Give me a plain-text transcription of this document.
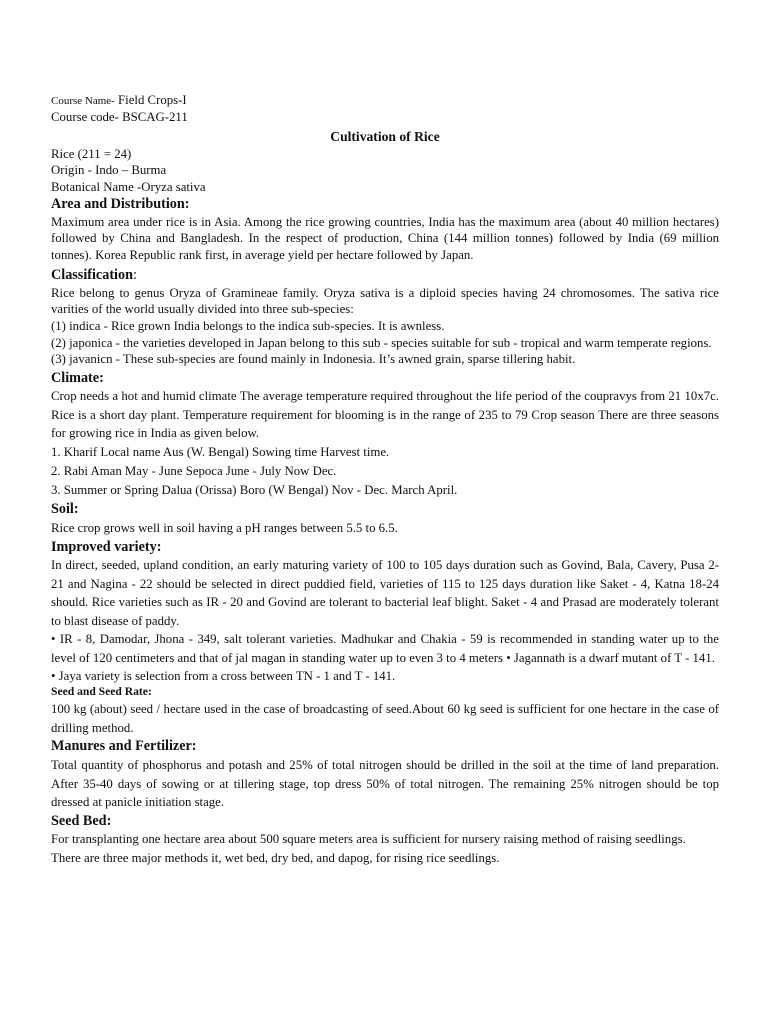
Course Name- Field Crops-I
Course code- BSCAG-211
Cultivation of Rice
Rice (211 = 24)
Origin - Indo – Burma
Botanical Name -Oryza sativa
Area and Distribution:

Maximum area under rice is in Asia. Among the rice growing countries, India has the maximum area (about 40 million hectares) followed by China and Bangladesh. In the respect of production, China (144 million tonnes) followed by India (69 million tonnes). Korea Republic rank first, in average yield per hectare followed by Japan.

Classification:

Rice belong to genus Oryza of Gramineae family. Oryza sativa is a diploid species having 24 chromosomes. The sativa rice varities of the world usually divided into three sub-species:

(1) indica - Rice grown India belongs to the indica sub-species. It is awnless.
(2) japonica - the varieties developed in Japan belong to this sub - species suitable for sub - tropical and warm temperate regions.
(3) javanicn - These sub-species are found mainly in Indonesia. It’s awned grain, sparse tillering habit.
Climate:

Crop needs a hot and humid climate The average temperature required throughout the life period of the coupravys from 21 10x7c. Rice is a short day plant. Temperature requirement for blooming is in the range of 235 to 79 Crop season There are three seasons for growing rice in India as given below.

1. Kharif Local name Aus (W. Bengal) Sowing time Harvest time.
2. Rabi Aman May - June Sepoca June - July Now Dec.
3. Summer or Spring Dalua (Orissa) Boro (W Bengal) Nov - Dec. March April.
Soil:
Rice crop grows well in soil having a pH ranges between 5.5 to 6.5.
Improved variety:

In direct, seeded, upland condition, an early maturing variety of 100 to 105 days duration such as Govind, Bala, Cavery, Pusa 2-21 and Nagina - 22 should be selected in direct puddied field, varieties of 115 to 125 days duration like Saket - 4, Katna 18-24 should. Rice varieties such as IR - 20 and Govind are tolerant to bacterial leaf blight. Saket - 4 and Prasad are moderately tolerant to blast disease of paddy.

• IR - 8, Damodar, Jhona - 349, salt tolerant varieties. Madhukar and Chakia - 59 is recommended in standing water up to the level of 120 centimeters and that of jal magan in standing water up to even 3 to 4 meters • Jagannath is a dwarf mutant of T - 141.

• Jaya variety is selection from a cross between TN - 1 and T - 141.
Seed and Seed Rate:

100 kg (about) seed / hectare used in the case of broadcasting of seed.About 60 kg seed is sufficient for one hectare in the case of drilling method.

Manures and Fertilizer:

Total quantity of phosphorus and potash and 25% of total nitrogen should be drilled in the soil at the time of land preparation. After 35-40 days of sowing or at tillering stage, top dress 50% of total nitrogen. The remaining 25% nitrogen should be top dressed at panicle initiation stage.

Seed Bed:

For transplanting one hectare area about 500 square meters area is sufficient for nursery raising method of raising seedlings.

There are three major methods it, wet bed, dry bed, and dapog, for rising rice seedlings.
